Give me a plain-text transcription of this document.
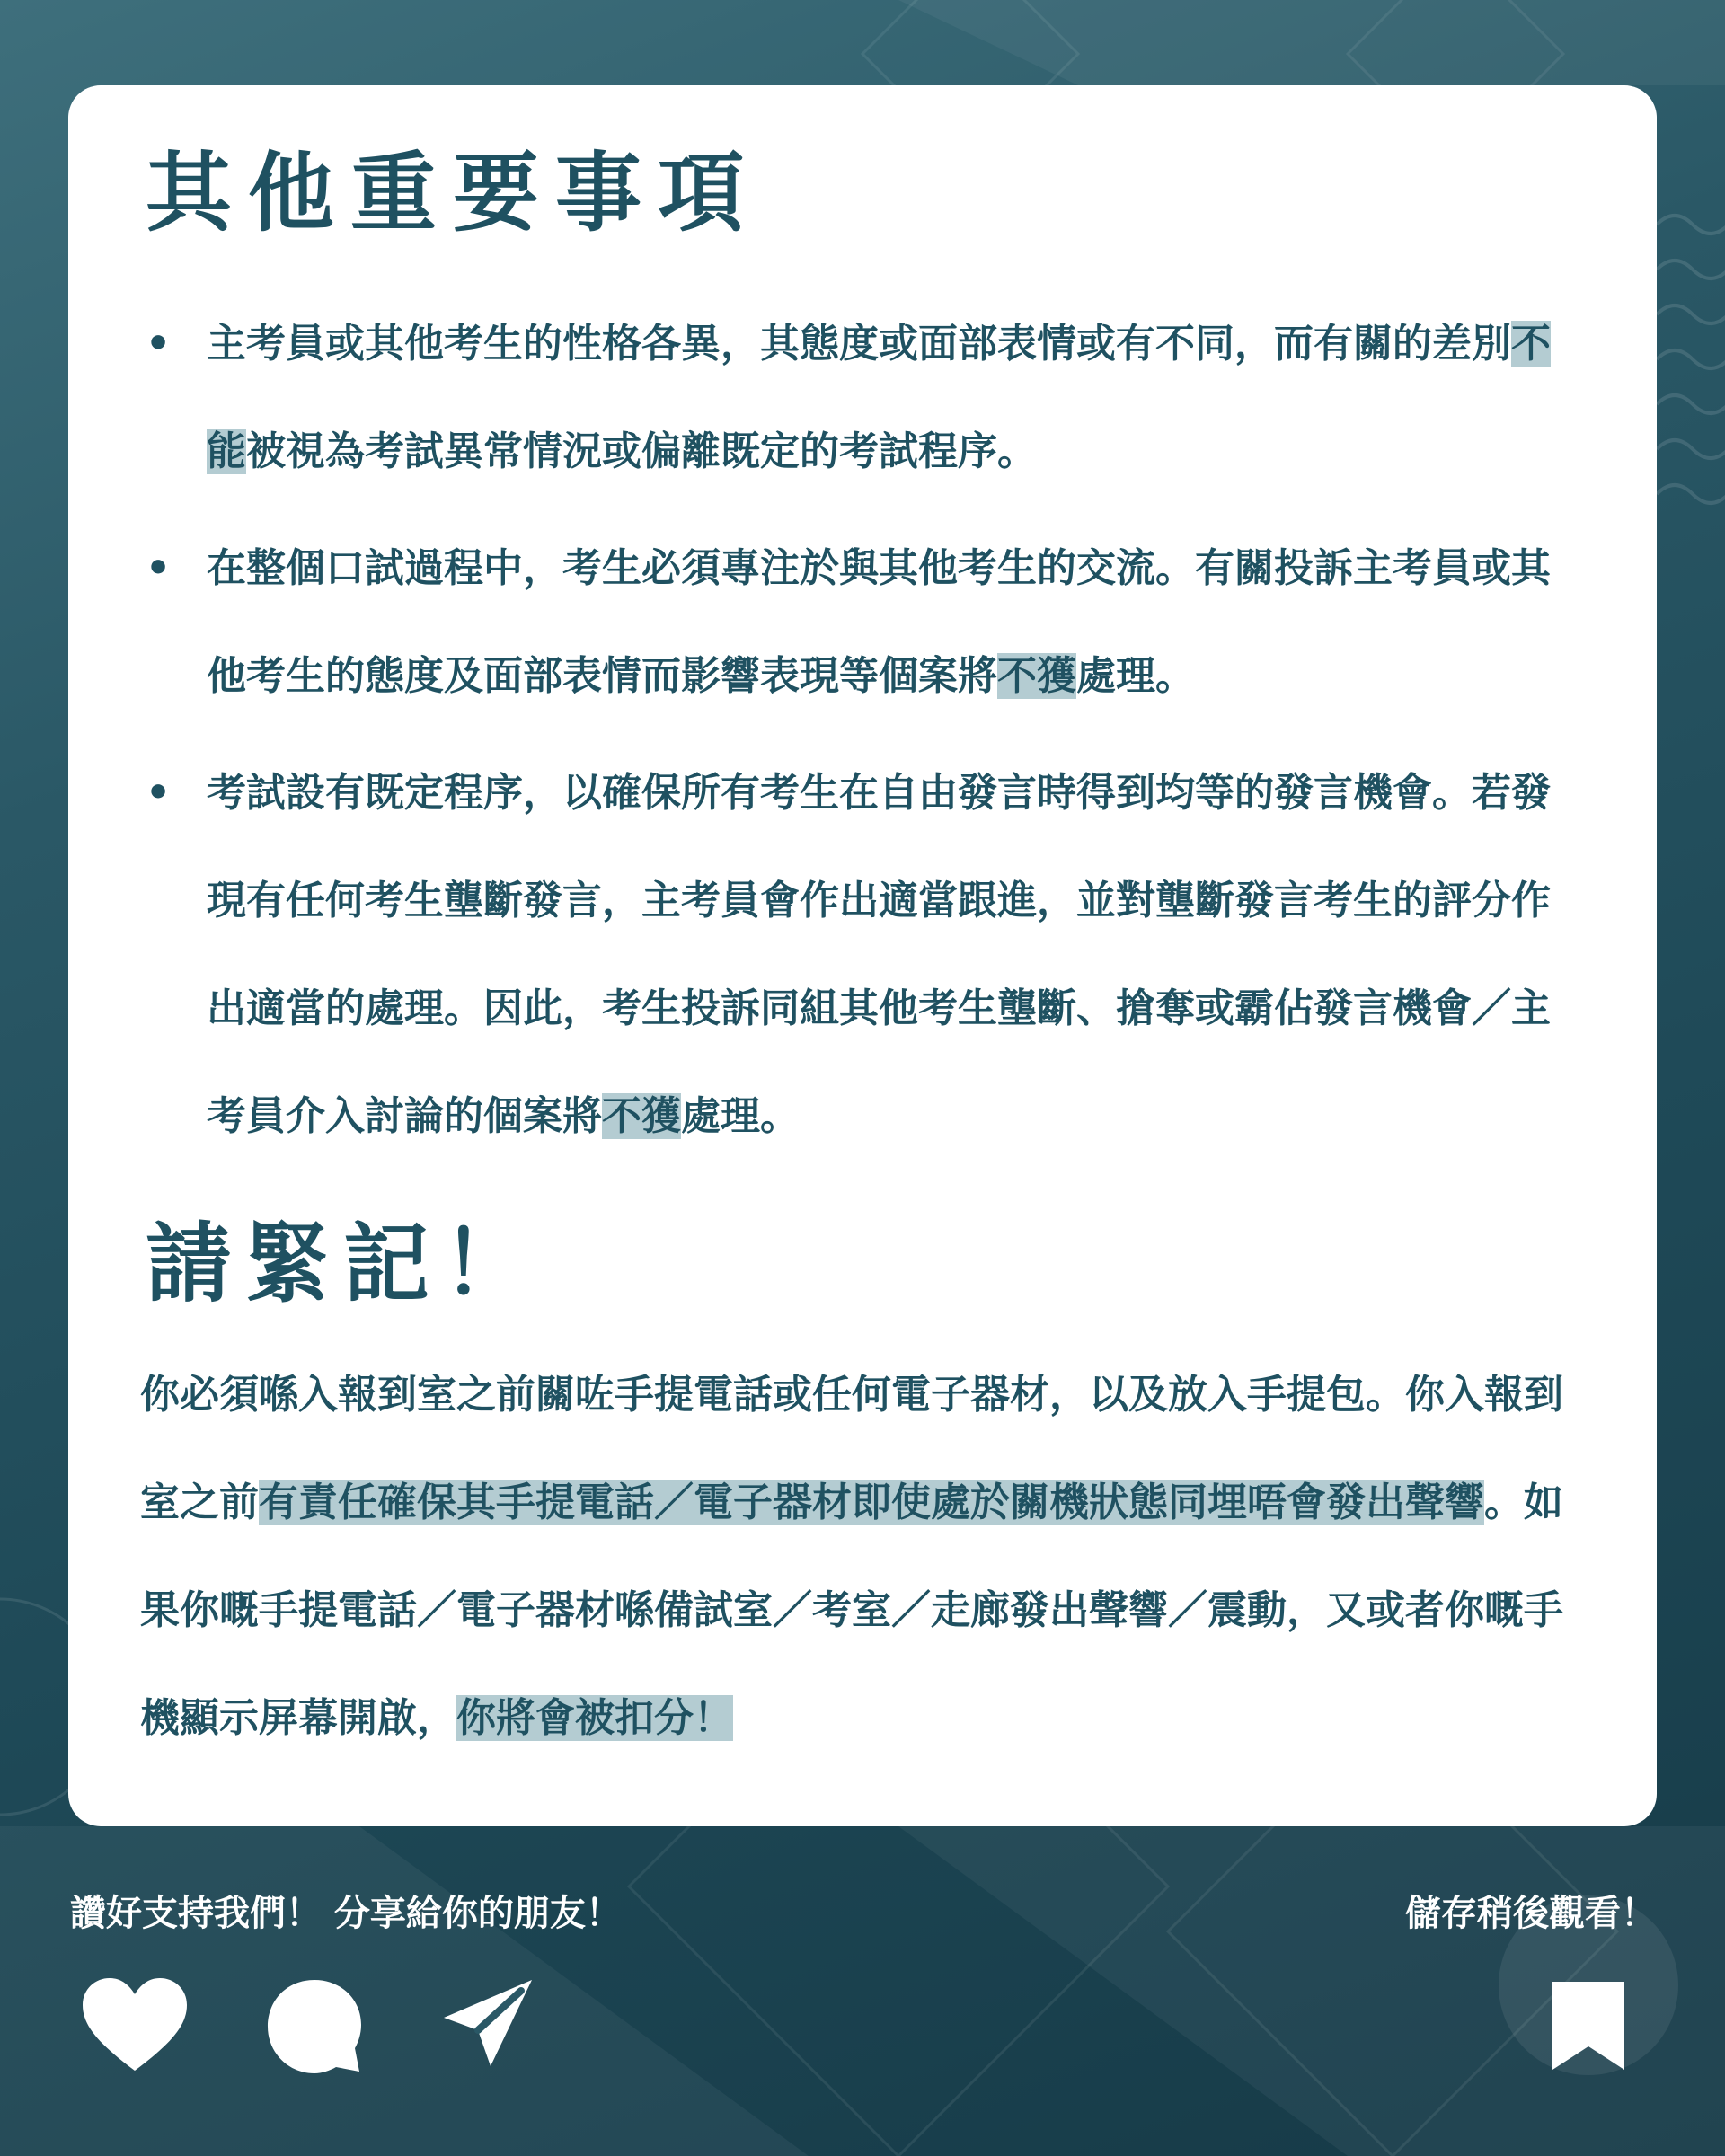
其他重要事項
• 主考員或其他考生的性格各異，其態度或面部表情或有不同，而有關的差別不能被視為考試異常情況或偏離既定的考試程序。
• 在整個口試過程中，考生必須專注於與其他考生的交流。有關投訴主考員或其他考生的態度及面部表情而影響表現等個案將不獲處理。
• 考試設有既定程序，以確保所有考生在自由發言時得到均等的發言機會。若發現有任何考生壟斷發言，主考員會作出適當跟進，並對壟斷發言考生的評分作出適當的處理。因此，考生投訴同組其他考生壟斷、搶奪或霸佔發言機會／主考員介入討論的個案將不獲處理。
請緊記！

你必須喺入報到室之前關咗手提電話或任何電子器材，以及放入手提包。你入報到室之前有責任確保其手提電話／電子器材即使處於關機狀態同埋唔會發出聲響。如果你嘅手提電話／電子器材喺備試室／考室／走廊發出聲響／震動，又或者你嘅手機顯示屏幕開啟，你將會被扣分！

讚好支持我們！ 分享給你的朋友！	儲存稍後觀看！
